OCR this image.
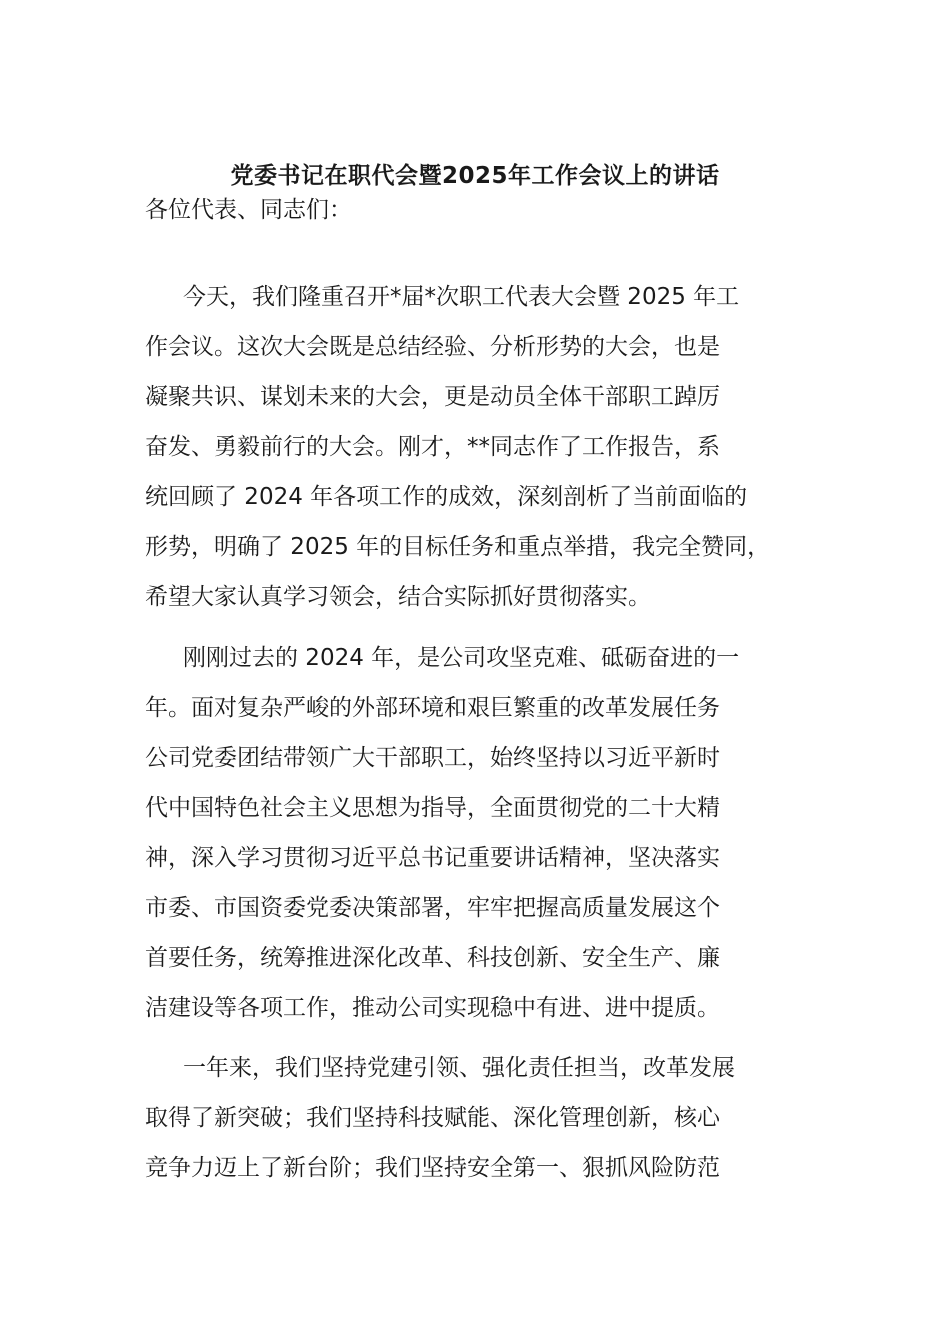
党委书记在职代会暨2025年工作会议上的讲话
各位代表、同志们：
今天，我们隆重召开*届*次职工代表大会暨 2025 年工
作会议。这次大会既是总结经验、分析形势的大会，也是
凝聚共识、谋划未来的大会，更是动员全体干部职工踔厉
奋发、勇毅前行的大会。刚才，**同志作了工作报告，系
统回顾了 2024 年各项工作的成效，深刻剖析了当前面临的
形势，明确了 2025 年的目标任务和重点举措，我完全赞同，
希望大家认真学习领会，结合实际抓好贯彻落实。
刚刚过去的 2024 年，是公司攻坚克难、砥砺奋进的一
年。面对复杂严峻的外部环境和艰巨繁重的改革发展任务
公司党委团结带领广大干部职工，始终坚持以习近平新时
代中国特色社会主义思想为指导，全面贯彻党的二十大精
神，深入学习贯彻习近平总书记重要讲话精神，坚决落实
市委、市国资委党委决策部署，牢牢把握高质量发展这个
首要任务，统筹推进深化改革、科技创新、安全生产、廉
洁建设等各项工作，推动公司实现稳中有进、进中提质。
一年来，我们坚持党建引领、强化责任担当，改革发展
取得了新突破；我们坚持科技赋能、深化管理创新，核心
竞争力迈上了新台阶；我们坚持安全第一、狠抓风险防范
